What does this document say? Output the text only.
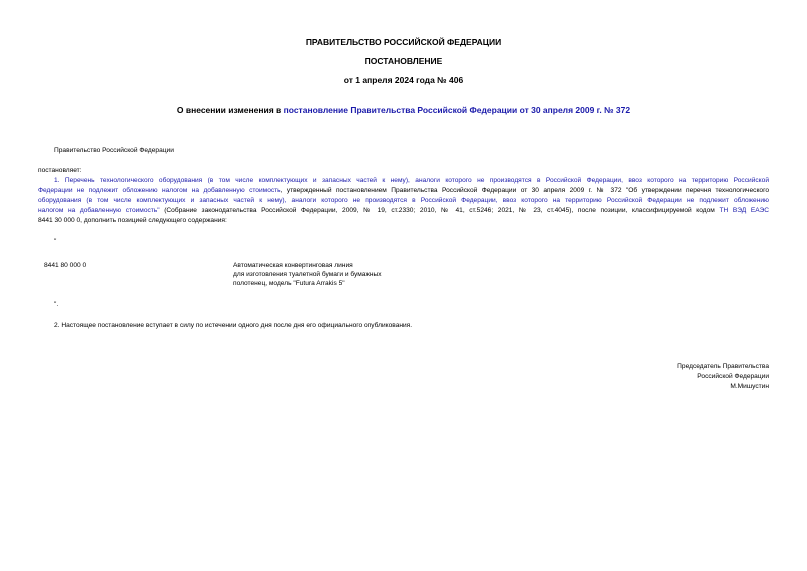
ПРАВИТЕЛЬСТВО РОССИЙСКОЙ ФЕДЕРАЦИИ

ПОСТАНОВЛЕНИЕ

от 1 апреля 2024 года № 406

О внесении изменения в постановление Правительства Российской Федерации от 30 апреля 2009 г. № 372

Правительство Российской Федерации

постановляет:

1. Перечень технологического оборудования (в том числе комплектующих и запасных частей к нему), аналоги которого не производятся в Российской Федерации, ввоз которого на территорию Российской

Федерации не подлежит обложению налогом на добавленную стоимость, утвержденный постановлением Правительства Российской Федерации от 30 апреля 2009 г. № 372 "Об утверждении перечня технологического

оборудования (в том числе комплектующих и запасных частей к нему), аналоги которого не производятся в Российской Федерации, ввоз которого на территорию Российской Федерации не подлежит обложению

налогом на добавленную стоимость" (Собрание законодательства Российской Федерации, 2009, № 19, ст.2330; 2010, № 41, ст.5246; 2021, № 23, ст.4045), после позиции, классифицируемой кодом ТН ВЭД ЕАЭС

8441 30 000 0, дополнить позицией следующего содержания:

"

8441 80 000 0	Автоматическая конвертинговая линия

для изготовления туалетной бумаги и бумажных

полотенец, модель "Futura Arrakis 5"

".

2. Настоящее постановление вступает в силу по истечении одного дня после дня его официального опубликования.

Председатель Правительства

Российской Федерации

М.Мишустин
